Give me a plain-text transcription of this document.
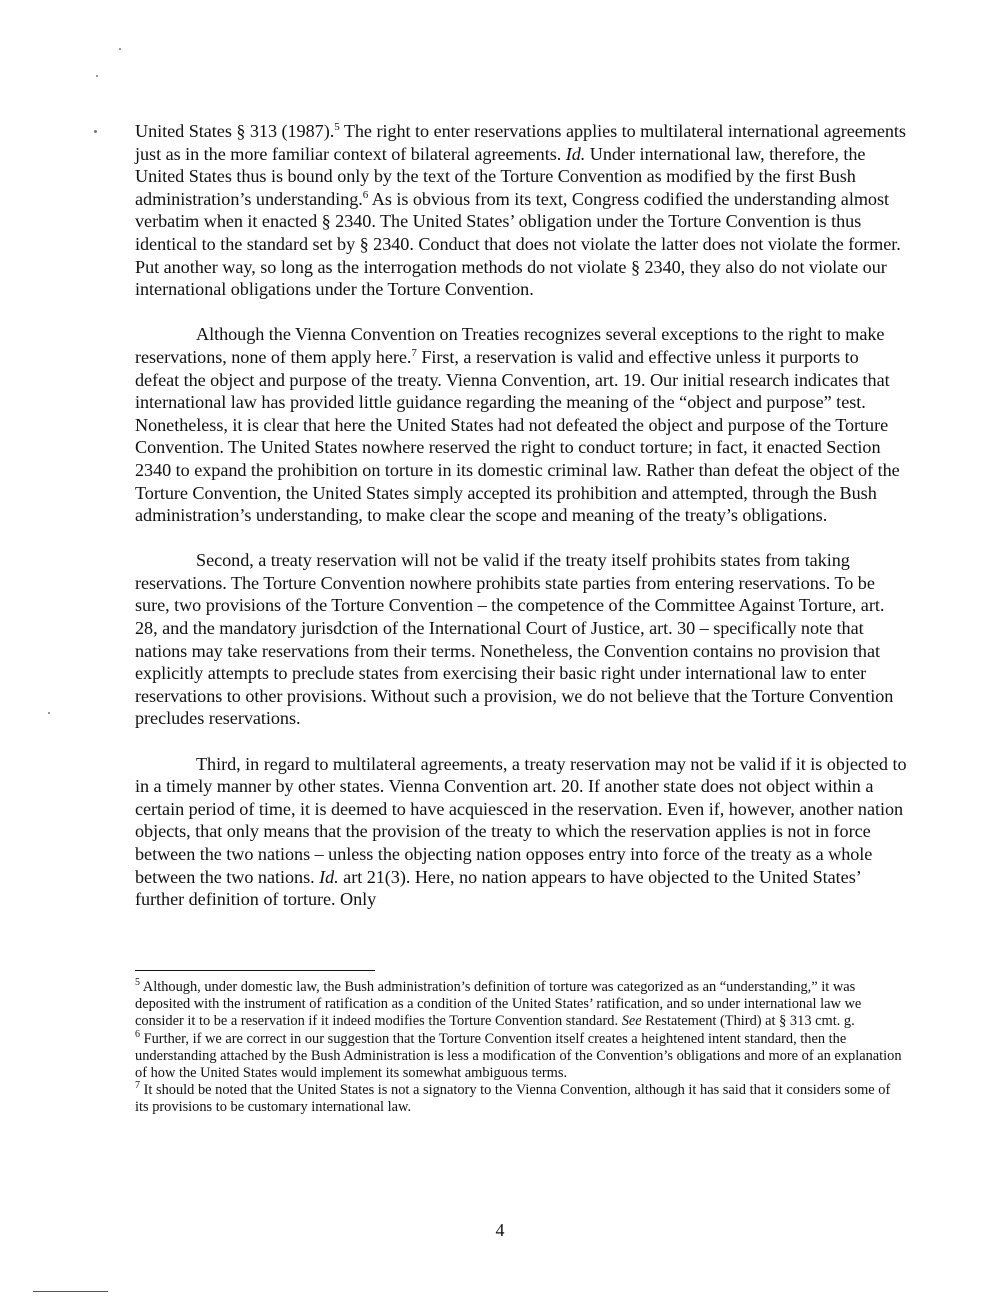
United States § 313 (1987).$^5$ The right to enter reservations applies to multilateral international agreements just as in the more familiar context of bilateral agreements. Id. Under international law, therefore, the United States thus is bound only by the text of the Torture Convention as modified by the first Bush administration’s understanding.$^6$ As is obvious from its text, Congress codified the understanding almost verbatim when it enacted § 2340. The United States’ obligation under the Torture Convention is thus identical to the standard set by § 2340. Conduct that does not violate the latter does not violate the former. Put another way, so long as the interrogation methods do not violate § 2340, they also do not violate our international obligations under the Torture Convention.

Although the Vienna Convention on Treaties recognizes several exceptions to the right to make reservations, none of them apply here.$^7$ First, a reservation is valid and effective unless it purports to defeat the object and purpose of the treaty. Vienna Convention, art. 19. Our initial research indicates that international law has provided little guidance regarding the meaning of the “object and purpose” test. Nonetheless, it is clear that here the United States had not defeated the object and purpose of the Torture Convention. The United States nowhere reserved the right to conduct torture; in fact, it enacted Section 2340 to expand the prohibition on torture in its domestic criminal law. Rather than defeat the object of the Torture Convention, the United States simply accepted its prohibition and attempted, through the Bush administration’s understanding, to make clear the scope and meaning of the treaty’s obligations.

Second, a treaty reservation will not be valid if the treaty itself prohibits states from taking reservations. The Torture Convention nowhere prohibits state parties from entering reservations. To be sure, two provisions of the Torture Convention – the competence of the Committee Against Torture, art. 28, and the mandatory jurisdction of the International Court of Justice, art. 30 – specifically note that nations may take reservations from their terms. Nonetheless, the Convention contains no provision that explicitly attempts to preclude states from exercising their basic right under international law to enter reservations to other provisions. Without such a provision, we do not believe that the Torture Convention precludes reservations.

Third, in regard to multilateral agreements, a treaty reservation may not be valid if it is objected to in a timely manner by other states. Vienna Convention art. 20. If another state does not object within a certain period of time, it is deemed to have acquiesced in the reservation. Even if, however, another nation objects, that only means that the provision of the treaty to which the reservation applies is not in force between the two nations – unless the objecting nation opposes entry into force of the treaty as a whole between the two nations. Id. art 21(3). Here, no nation appears to have objected to the United States’ further definition of torture. Only

$^5$ Although, under domestic law, the Bush administration’s definition of torture was categorized as an “understanding,” it was deposited with the instrument of ratification as a condition of the United States’ ratification, and so under international law we consider it to be a reservation if it indeed modifies the Torture Convention standard. See Restatement (Third) at § 313 cmt. g.

$^6$ Further, if we are correct in our suggestion that the Torture Convention itself creates a heightened intent standard, then the understanding attached by the Bush Administration is less a modification of the Convention’s obligations and more of an explanation of how the United States would implement its somewhat ambiguous terms.

$^7$ It should be noted that the United States is not a signatory to the Vienna Convention, although it has said that it considers some of its provisions to be customary international law.

4
